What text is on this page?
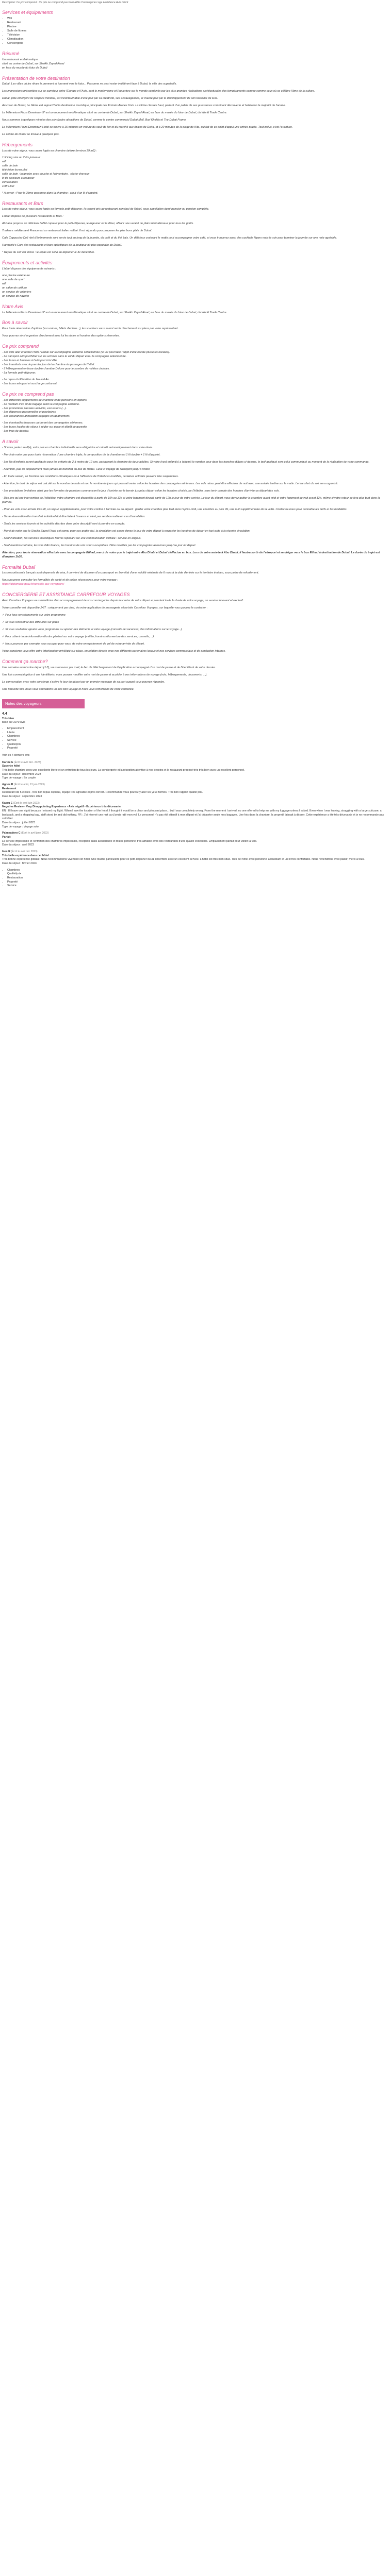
Description: Ce prix comprend : Ce prix ne comprend pas Formalités Conciergerie Loge Assistance Avis Client
Services et équipements
• Wifi
• Restaurant
• Piscine
• Salle de fitness
• Télévision
• Climatisation
• Conciergerie
Résumé
Un restaurant emblématique
situé au centre de Dubaï, sur Sheikh Zayed Road
en face du musée du futur de Dubaï
Présentation de votre destination

Dubaï. Les villes où les rêves le prennent et tournent vers le futur... Personne ne peut rester indifférent face à Dubaï, la ville des superlatifs.

Les impressions présentées sur ce carrefour entre l'Europe et l'Asie, sont le modernisme et l'ouverture sur le monde combinés par les plus grandes réalisations architecturales des tempéraments comme comme ceux où se célèbre l'âme de la culture.

Dubaï, pôle émergent de l'espace mondial, est incontournable d'une part par sa créativité, ses extravagances, et d'autre part par le développement de son tourisme de luxe.

Au cœur de Dubaï, Le Globe est aujourd'hui la destination touristique principale des Emirats Arabes Unis. La vitrine classée haut, partant d'un palais de ses puissances combinant découverte et habitation la majorité de l'année.

Le Millennium Plaza Downtown 5* est un monument emblématique situé au centre de Dubaï, sur Sheikh Zayed Road, en face du musée du futur de Dubaï, du World Trade Centre.

Nous sommes à quelques minutes des principales attractions de Dubaï, comme le centre commercial Dubaï Mall, Burj Khalifa et The Dubai Frame.

Le Millennium Plaza Downtown Hotel se trouve à 15 minutes en voiture du souk de l'or et du marché aux épices de Deira, et à 20 minutes de la plage de Kite, qui fait de ce point d'appui une entrée privée. Tout inclus, c'est l'aventure.

Le centre de Dubaï se trouve à quelques pas.

Hébergements
Lors de votre séjour, vous serez logés en chambre deluxe (environ 29 m2) :
1 lit king size ou 2 lits jumeaux
wifi
salle de bain
télévision écran plat
salle de bain : baignoire avec douche et l'alimentaire , sèche-cheveux
lit de plusieurs à repasser
climatisation
coffre-fort
* A savoir : Pour la 3ème personne dans la chambre : ajout d'un lit d'appoint.
Restaurants et Bars

Lors de votre séjour, vous serez logés en formule petit-déjeuner. Ils seront pris au restaurant principal de l'hôtel, sous appellation demi-pension ou pension complète.

L'hôtel dispose de plusieurs restaurants et Bars :

Al Dana propose un délicieux buffet copieux pour le petit-déjeuner, le déjeuner ou le dîner, offrant une variété de plats internationaux pour tous les goûts.

Tradeurs méditerrané France est un restaurant italien raffiné. Il est répandu pour proposer les plus bons plats de Dubaï.

Cafe Cappucino Deli réel d'événements sont servis tout au long de la journée, du café et du thé frais. Un délicieux croissant le matin peut accompagner votre café, et vous trouverez aussi des cocktails légers mais le soir pour terminer la journée sur une note agréable.

Harmonie's Curs des restaurants et bars spécifiques de la boutique où plus populaire de Dubaï.

* Repas du soir est inclus : le repas est servi au déjeuner le 31 décembre.

Équipements et activités
L'hôtel dispose des équipements suivants :
une piscine extérieure
une salle de sport
wifi
un salon de coiffure
un service de voituriers
un service de navette
Notre Avis

Le Millennium Plaza Downtown 5* est un monument emblématique situé au centre de Dubaï, sur Sheikh Zayed Road, en face du musée du futur de Dubaï, du World Trade Centre.

Bon à savoir

Pour toute réservation d'options (excursions, billets d'entrée...), les vouchers vous seront remis directement sur place par votre représentant.

Vous pourrez ainsi organiser directement avec lui les dates et horaires des options réservées.

Ce prix comprend
- Les vols aller et retour Paris / Dubaï sur la compagnie aérienne sélectionnée (le vol peut faire l'objet d'une escale plusieurs escales).
- Le transport aéroport/hôtel sur les arrivées sans le vol du départ et/ou la compagnie sélectionnée.
- Les taxes et hausses à l'aéroport à la Ville.
- Les transferts avec le premier jour de la chambre du passager de l'hôtel.
- L'hébergement en base double chambre Deluxe pour le nombre de nuitées choisies.
- La formule petit-déjeuner.
- Le repas du Réveillon du Nouvel An.
- Les taxes aéroport et surcharge carburant.
Ce prix ne comprend pas
- Les différents suppléments de chambre et de pensions en options.
- Le montant d'un kit de bagage selon la compagnie aérienne.
- Les promotions passées activités, excursions (...).
- Les dépenses personnelles et pourboires.
- Les assurances annulation-bagages et rapatriement.
- Les éventuelles hausses carburant des compagnies aériennes.
- Les taxes locales de séjour à régler sur place et dépôt de garantie.
- Les frais de dossier.
A savoir

- Si vous partez seul(e), votre prix en chambre individuelle sera obligatoire et calculé automatiquement dans votre devis.

- Merci de noter que pour toute réservation d'une chambre triple, la composition de la chambre est 1 lit double + 1 lit d'appoint.

- Les lits d'enfants seront appliqués pour les enfants de 2 à moins de 12 ans, partageant la chambre de deux adultes. Si votre (vos) enfant(s) a (atteint) le nombre pour dans les tranches d'âges ci-dessus, le tarif appliqué sera celui communiqué au moment de la réalisation de votre commande.

- Attention, pas de déplacement mais jamais du transfert du bus de l'hôtel. Celui-ci voyage de l'aéroport jusqu'à l'hôtel.

- En toute saison, en fonction des conditions climatiques ou à l'affluence de l'hôtel ces modifiés, certaines activités peuvent être suspendues.

- Attention, le droit de séjour est calculé sur le nombre de nuits et non le nombre de jours qui pourrait varier selon les horaires des compagnies aériennes. Les vols retour peut-être effectuer de nuit avec une arrivée tardive sur le matin. Le transfert du soir sera organisé.

- Les prestations limitatives ainsi que les formules de pensions commencent le jour d'arrivée sur le terrain jusqu'au départ selon les horaires choisis par l'hôtelier, sans tenir compte des horaires d'arrivée ou départ des vols.

- Dès lors qu'une intervention de l'hôtelière, votre chambre est disponible à partir de 15h au 12h et votre logement devrait partir de 12h le jour de votre arrivée. Le jour du départ, vous devez quitter la chambre avant midi et votre logement devrait avant 12h, même si votre retour se fera plus tard dans la journée.

- Pour les vols avec arrivée très tôt, un séjour supplémentaire, pour votre confort à l'arrivée ou au départ : garder votre chambre plus tard dans l'après-midi, une chambre au plus tôt, une nuit supplémentaire de la veille. Contactez-nous pour connaître les tarifs et les modalités.

- Toute réservation d'un transfert individuel doit être faite à l'avance et n'est pas remboursable en cas d'annulation.

- Seuls les services fournis et les activités décrites dans votre descriptif sont à prendre en compte.

- Merci de noter que le Sheikh Zayed Road est connu pour ses gratte-ciel, la circulation est assez dense le jour de votre départ à respecter les horaires de départ en taxi suite à la récente circulation.

- Sauf indication, les services touristiques fournis reposant sur une communication verbale : service en anglais.

- Sauf mention contraire, les vols d'Air France, les horaires de vols sont susceptibles d'être modifiés par les compagnies aériennes jusqu'au jour du départ.

Attention, pour toute réservation effectuée avec la compagnie Etihad, merci de noter que le trajet entre Abu Dhabi et Dubaï s'effectue en bus. Lors de votre arrivée à Abu Dhabi, il faudra sortir de l'aéroport et se diriger vers le bus Etihad à destination de Dubaï. La durée du trajet est d'environ 1h30.

Formalité Dubaï

Les ressortissants français sont dispensés de visa, il convient de disposer d'un passeport en bon état d'une validité minimale de 6 mois à la date d'entrée sur le territoire émirien, sous peine de refoulement.

Nous pouvons consulter les formalités de santé et de police nécessaires pour votre voyage :

https://diplomatie.gouv.fr/conseils-aux-voyageurs/

CONCIERGERIE ET ASSISTANCE CARREFOUR VOYAGES

Avec Carrefour Voyages vous bénéficiez d'un accompagnement de vos conciergeries depuis le centre de votre départ et pendant toute la durée de votre voyage, un service innovant et exclusif.

Votre conseiller est disponible 24/7 : uniquement par chat, via votre application de messagerie sécurisée Carrefour Voyages, sur laquelle vous pouvez le contacter :

✓ Pour tous renseignements sur votre programme

✓ Si vous rencontrez des difficultés sur place

✓ Si vous souhaitez ajouter votre programme ou ajouter des éléments à votre voyage (conseils de vacances, des informations sur le voyage...)

✓ Pour obtenir toute information d'ordre général sur votre voyage (météo, horaires d'ouverture des services, conseils, ...)

✓ Nous pouvons par exemple vous occuper pour vous, de votre enregistrement de vol de votre arrivée de départ.

Votre concierge vous offre votre interlocuteur privilégié sur place, en relation directe avec nos différents partenaires locaux et nos services commerciaux et de production internes.

Comment ça marche?

Une semaine avant votre départ (J-7), vous recevrez par mail, le lien de téléchargement de l'application accompagné d'un mot de passe et de l'identifiant de votre dossier.

Une fois connecté grâce à vos identifiants, vous pouvez modifier votre mot de passe et accéder à vos informations de voyage (vols, hébergements, documents, ...).

La conversation avec votre concierge s'active le jour du départ par un premier message de sa part auquel vous pourrez répondre.

Une nouvelle fois, nous vous souhaitons un très bon voyage et nous vous remercions de votre confiance.

Notes des voyageurs
4.4
Très bien
basé sur 3070 Avis
• Emplacement
• Literie
• Chambres
• Service
• Qualité/prix
• Propreté
Voir les 4 derniers avis
Karine E (Écrit le avril déc. 2023)
Superbe hôtel
Très belle chambre avec une excellente literie et un entretien de tous les jours. La conciergerie et la réception attentive à nos besoins et le restaurant proposé très très bien avec un excellent personnel.
Date du séjour : décembre 2023
Type de voyage : En couple
Agnès R (Écrit le août, 13 juin 2023)
Restaurant
Restaurant de 5 étoiles - très bon repas copieux, équipe très agréable et prix correct. Recommandé vous pouvez y aller les yeux fermés. Très bon rapport qualité prix.
Date du séjour : septembre 2023
Kaoru E (Écrit le avril juin 2023)
Negative Review - Very Disappointing Experience - Avis négatif - Expérience très décevante
EN : I'll leave one night because I missed my flight. When I saw the location of the hotel, I thought it would be a clean and pleasant place... but I was completely wrong. From the moment I arrived, no one offered to help me with my luggage unless I asked. Even when I was leaving, struggling with a large suitcase, a backpack, and a shopping bag, staff stood by and did nothing. FR : J'ai réservé une nuit car j'avais raté mon vol. Le personnel n'a pas été attentif à mon départ et j'ai dû porter seule mes bagages. Une fois dans la chambre, la propreté laissait à désirer. Cette expérience a été très décevante et je ne recommande pas cet hôtel.
Date du séjour : juillet 2023
Type de voyage : Voyage solo
Palmeadoro C (Écrit le avril janv. 2023)
Parfait
La service impeccable et l'entretien des chambres impeccable, réception aussi accueillante et tout le personnel très aimable avec des restaurants d'une qualité excellente. Emplacement parfait pour visiter la ville.
Date du séjour : avril 2023
Ines R (Écrit le avril déc 2023)
Très belle expérience dans cet hôtel
Très bonne expérience globale. Nous recommandons vivement cet hôtel. Une touche particulière pour ce petit-déjeuner du 31 décembre avec un excellent service. L'hôtel est très bien situé. Très bel hôtel avec personnel accueillant et un lit très confortable. Nous reviendrons avec plaisir, merci à tous.
Date du séjour : février 2023
• Chambres
• Qualité/prix
• Restauration
• Propreté
• Service
